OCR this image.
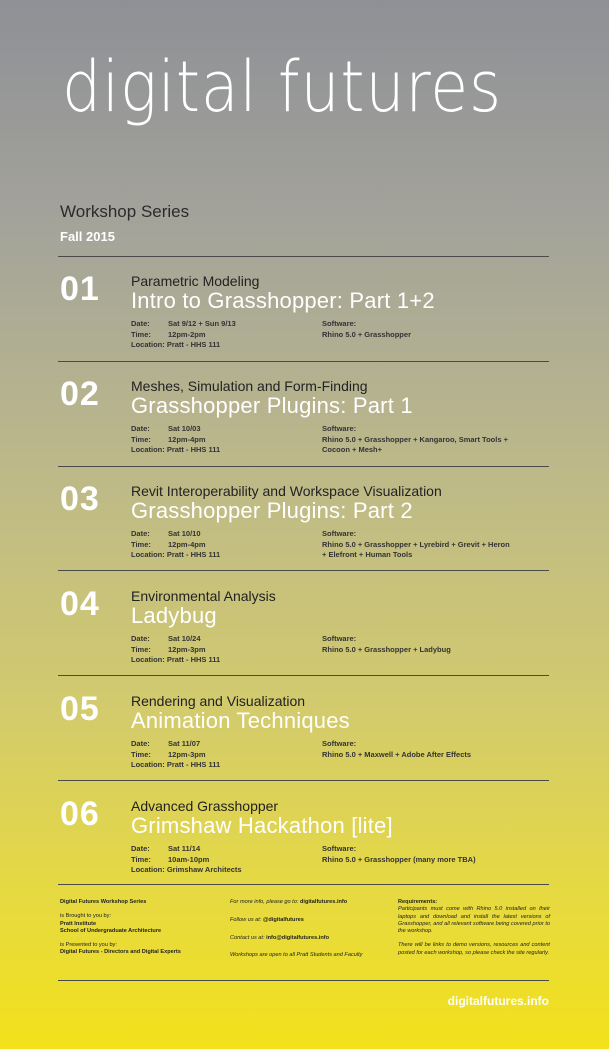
digital futures
Workshop Series
Fall 2015
01 Parametric Modeling
Intro to Grasshopper: Part 1+2
Date: Sat 9/12 + Sun 9/13
Time: 12pm-2pm
Location: Pratt - HHS 111
Software:
Rhino 5.0 + Grasshopper
02 Meshes, Simulation and Form-Finding
Grasshopper Plugins: Part 1
Date: Sat 10/03
Time: 12pm-4pm
Location: Pratt - HHS 111
Software:
Rhino 5.0 + Grasshopper + Kangaroo, Smart Tools + Cocoon + Mesh+
03 Revit Interoperability and Workspace Visualization
Grasshopper Plugins: Part 2
Date: Sat 10/10
Time: 12pm-4pm
Location: Pratt - HHS 111
Software:
Rhino 5.0 + Grasshopper + Lyrebird + Grevit + Heron + Elefront + Human Tools
04 Environmental Analysis
Ladybug
Date: Sat 10/24
Time: 12pm-3pm
Location: Pratt - HHS 111
Software:
Rhino 5.0 + Grasshopper + Ladybug
05 Rendering and Visualization
Animation Techniques
Date: Sat 11/07
Time: 12pm-3pm
Location: Pratt - HHS 111
Software:
Rhino 5.0 + Maxwell + Adobe After Effects
06 Advanced Grasshopper
Grimshaw Hackathon [lite]
Date: Sat 11/14
Time: 10am-10pm
Location: Grimshaw Architects
Software:
Rhino 5.0 + Grasshopper (many more TBA)

Digital Futures Workshop Series

is Brought to you by:
Pratt Institute
School of Undergraduate Architecture

is Presented to you by:
Digital Futures - Directors and Digital Experts

For more info, please go to: digitalfutures.info

Follow us at: @digitalfutures

Contact us at: info@digitalfutures.info

Workshops are open to all Pratt Students and Faculty

Requirements:
Participants must come with Rhino 5.0 installed on their laptops and download and install the latest versions of Grasshopper, and all relevant software being covered prior to the workshop.

There will be links to demo versions, resources and content posted for each workshop, so please check the site regularly.

digitalfutures.info
